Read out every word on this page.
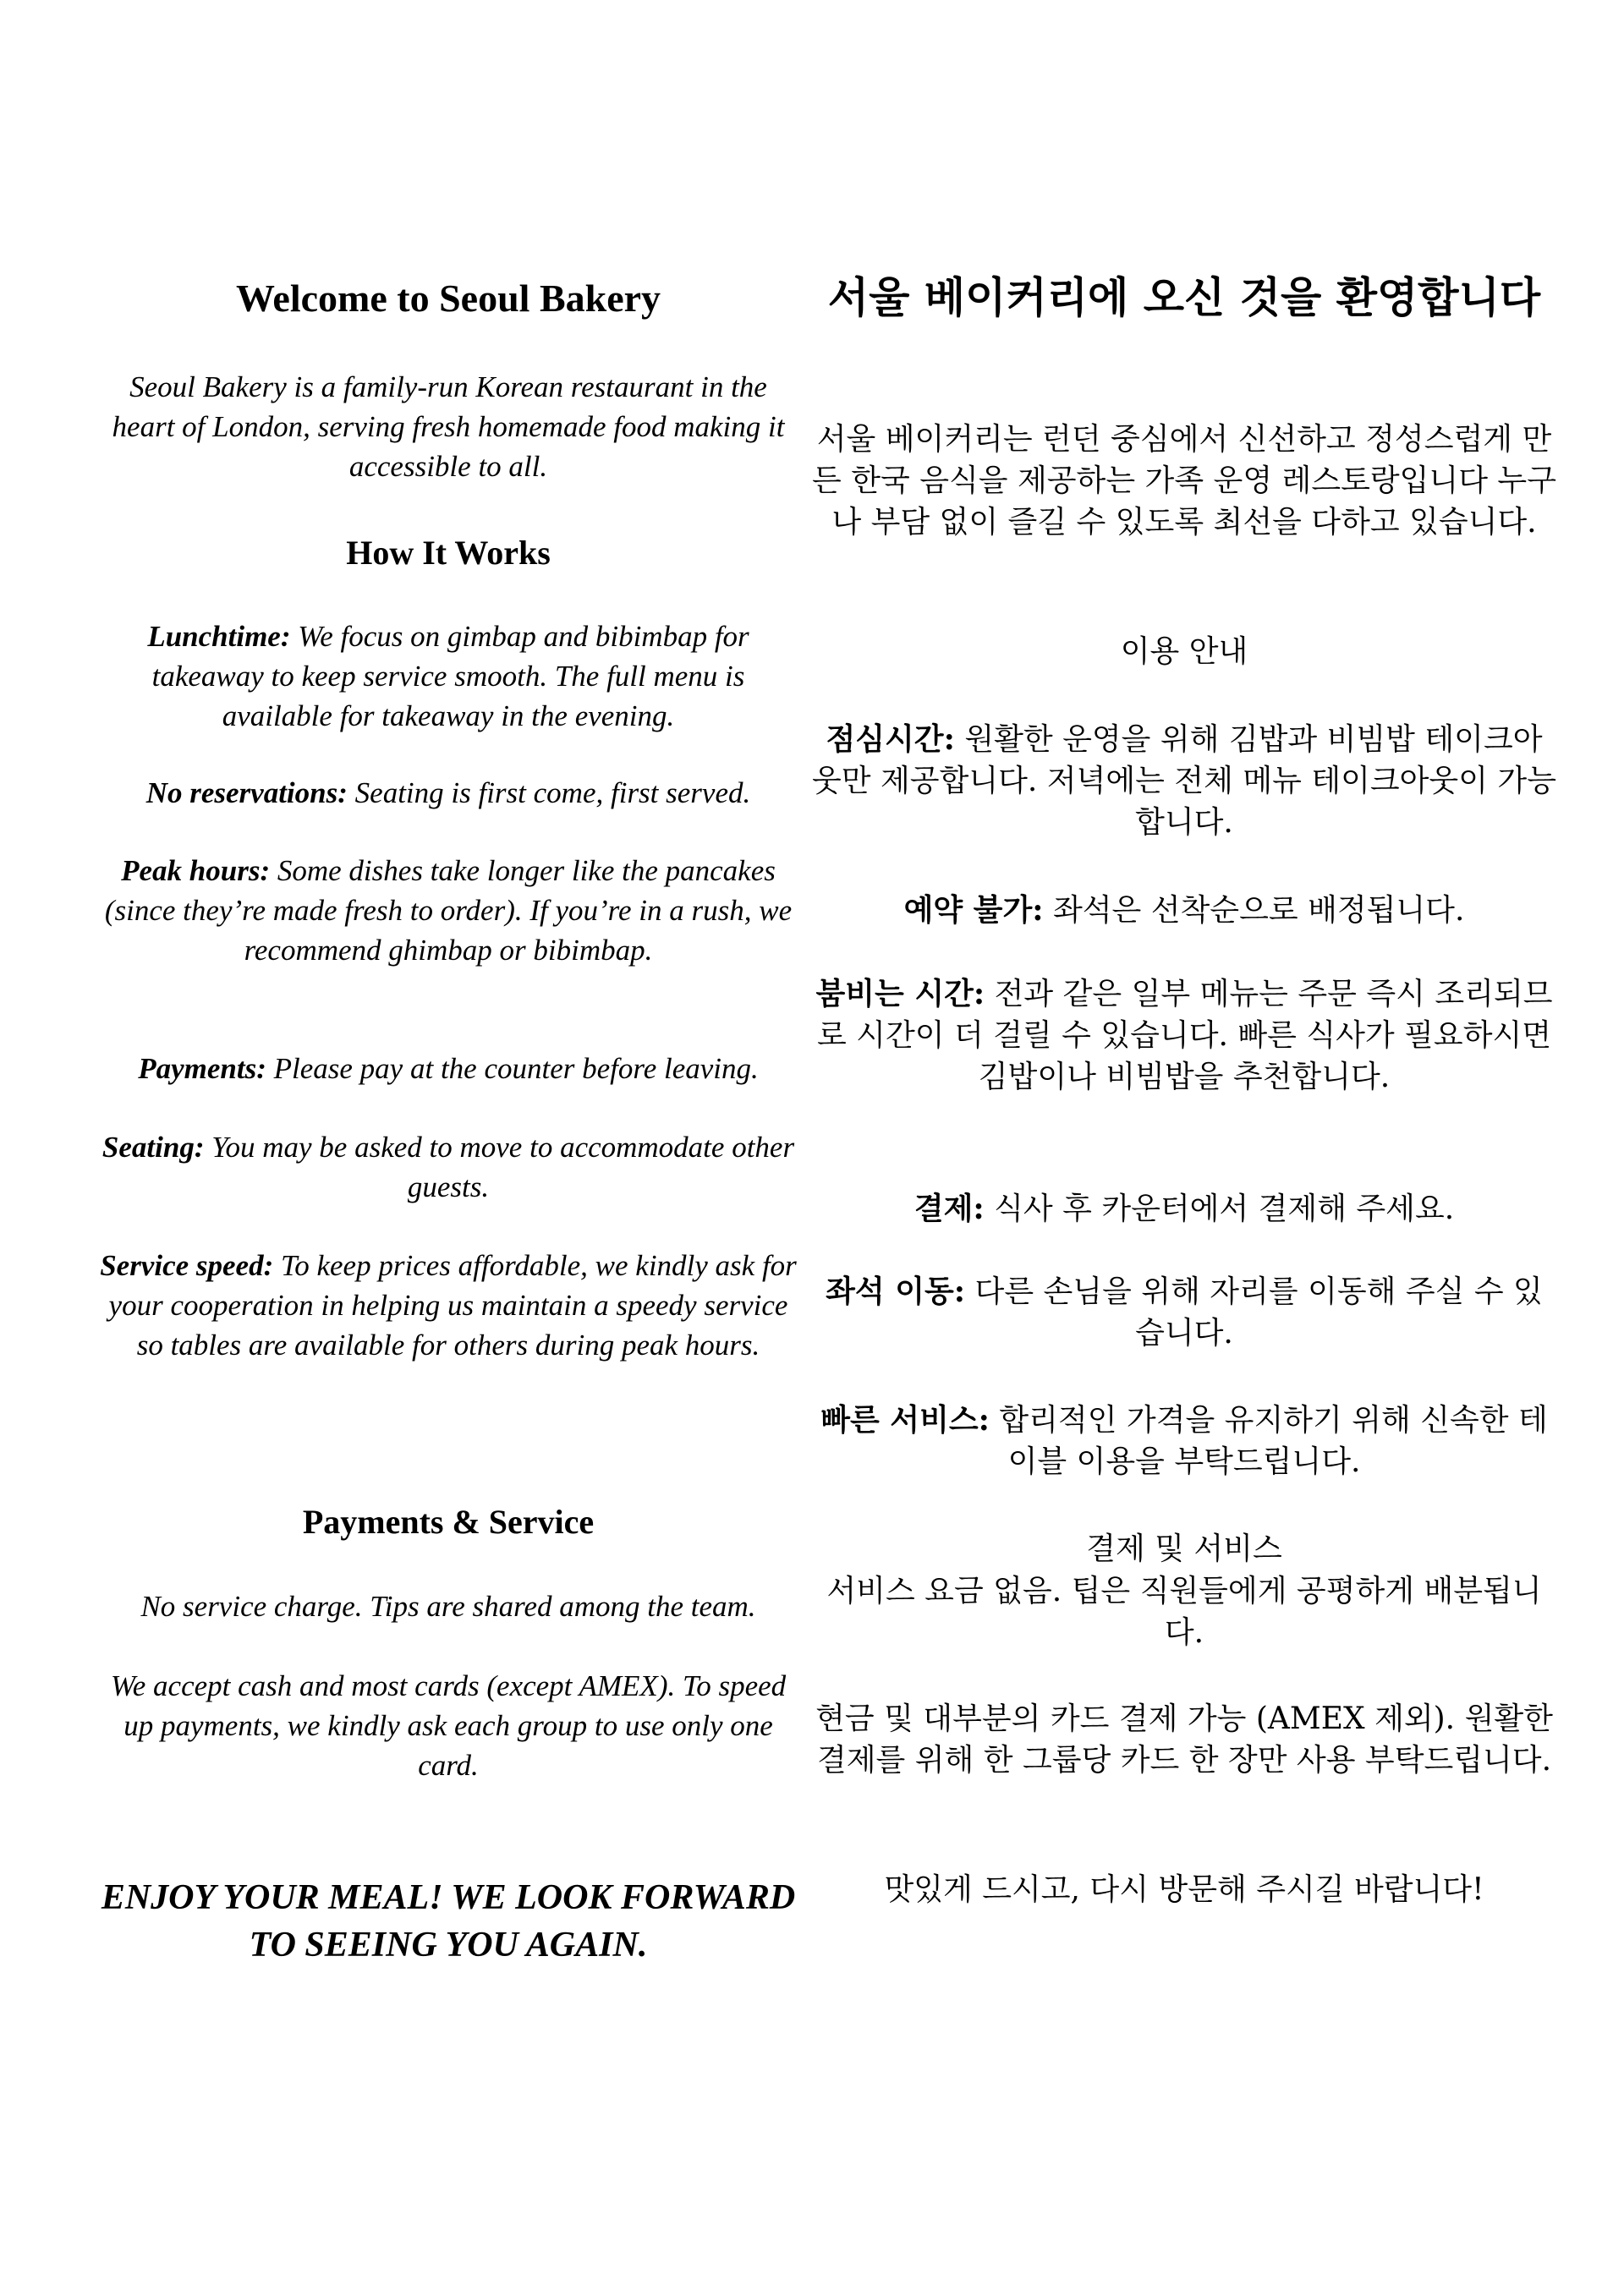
Welcome to Seoul Bakery

Seoul Bakery is a family-run Korean restaurant in the heart of London, serving fresh homemade food making it accessible to all.

How It Works

Lunchtime: We focus on gimbap and bibimbap for takeaway to keep service smooth. The full menu is available for takeaway in the evening.

No reservations: Seating is first come, first served.

Peak hours: Some dishes take longer like the pancakes (since they’re made fresh to order). If you’re in a rush, we recommend ghimbap or bibimbap.

Payments: Please pay at the counter before leaving.

Seating: You may be asked to move to accommodate other guests.

Service speed: To keep prices affordable, we kindly ask for your cooperation in helping us maintain a speedy service so tables are available for others during peak hours.

Payments & Service

No service charge. Tips are shared among the team.

We accept cash and most cards (except AMEX). To speed up payments, we kindly ask each group to use only one card.

ENJOY YOUR MEAL! WE LOOK FORWARD TO SEEING YOU AGAIN.

서울 베이커리에 오신 것을 환영합니다

서울 베이커리는 런던 중심에서 신선하고 정성스럽게 만든 한국 음식을 제공하는 가족 운영 레스토랑입니다 누구나 부담 없이 즐길 수 있도록 최선을 다하고 있습니다.

이용 안내

점심시간: 원활한 운영을 위해 김밥과 비빔밥 테이크아웃만 제공합니다. 저녁에는 전체 메뉴 테이크아웃이 가능합니다.

예약 불가: 좌석은 선착순으로 배정됩니다.

붐비는 시간: 전과 같은 일부 메뉴는 주문 즉시 조리되므로 시간이 더 걸릴 수 있습니다. 빠른 식사가 필요하시면 김밥이나 비빔밥을 추천합니다.

결제: 식사 후 카운터에서 결제해 주세요.

좌석 이동: 다른 손님을 위해 자리를 이동해 주실 수 있습니다.

빠른 서비스: 합리적인 가격을 유지하기 위해 신속한 테이블 이용을 부탁드립니다.

결제 및 서비스

서비스 요금 없음. 팁은 직원들에게 공평하게 배분됩니다.

현금 및 대부분의 카드 결제 가능 (AMEX 제외). 원활한 결제를 위해 한 그룹당 카드 한 장만 사용 부탁드립니다.

맛있게 드시고, 다시 방문해 주시길 바랍니다!
